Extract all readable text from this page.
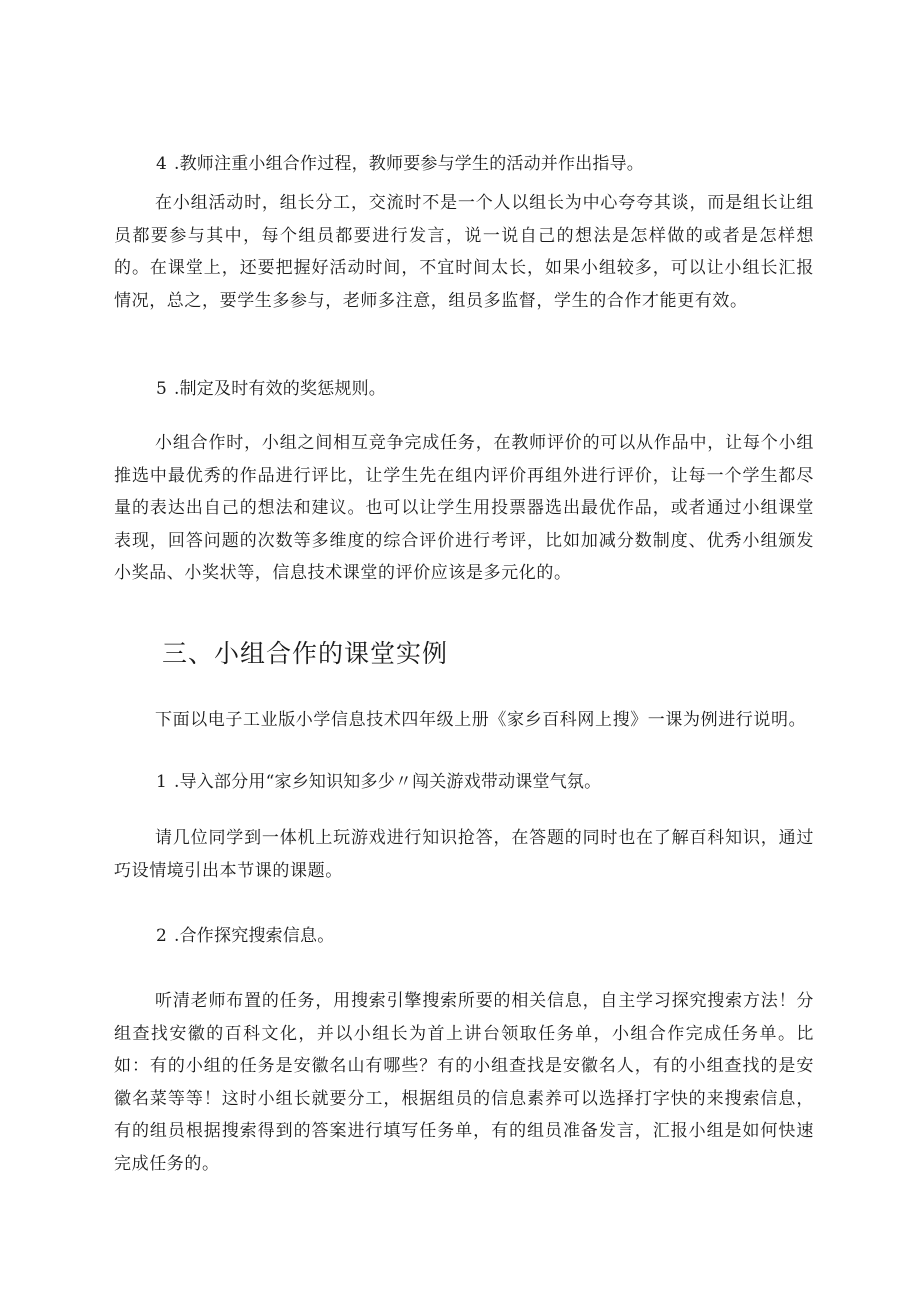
4 .教师注重小组合作过程，教师要参与学生的活动并作出指导。

在小组活动时，组长分工，交流时不是一个人以组长为中心夸夸其谈，而是组长让组员都要参与其中，每个组员都要进行发言，说一说自己的想法是怎样做的或者是怎样想的。在课堂上，还要把握好活动时间，不宜时间太长，如果小组较多，可以让小组长汇报情况，总之，要学生多参与，老师多注意，组员多监督，学生的合作才能更有效。

5 .制定及时有效的奖惩规则。

小组合作时，小组之间相互竞争完成任务，在教师评价的可以从作品中，让每个小组推选中最优秀的作品进行评比，让学生先在组内评价再组外进行评价，让每一个学生都尽量的表达出自己的想法和建议。也可以让学生用投票器选出最优作品，或者通过小组课堂表现，回答问题的次数等多维度的综合评价进行考评，比如加减分数制度、优秀小组颁发小奖品、小奖状等，信息技术课堂的评价应该是多元化的。

三、小组合作的课堂实例

下面以电子工业版小学信息技术四年级上册《家乡百科网上搜》一课为例进行说明。

1 .导入部分用“家乡知识知多少〃闯关游戏带动课堂气氛。

请几位同学到一体机上玩游戏进行知识抢答，在答题的同时也在了解百科知识，通过巧设情境引出本节课的课题。

2 .合作探究搜索信息。

听清老师布置的任务，用搜索引擎搜索所要的相关信息，自主学习探究搜索方法！分组查找安徽的百科文化，并以小组长为首上讲台领取任务单，小组合作完成任务单。比如：有的小组的任务是安徽名山有哪些？有的小组查找是安徽名人，有的小组查找的是安徽名菜等等！这时小组长就要分工，根据组员的信息素养可以选择打字快的来搜索信息，有的组员根据搜索得到的答案进行填写任务单，有的组员准备发言，汇报小组是如何快速完成任务的。
